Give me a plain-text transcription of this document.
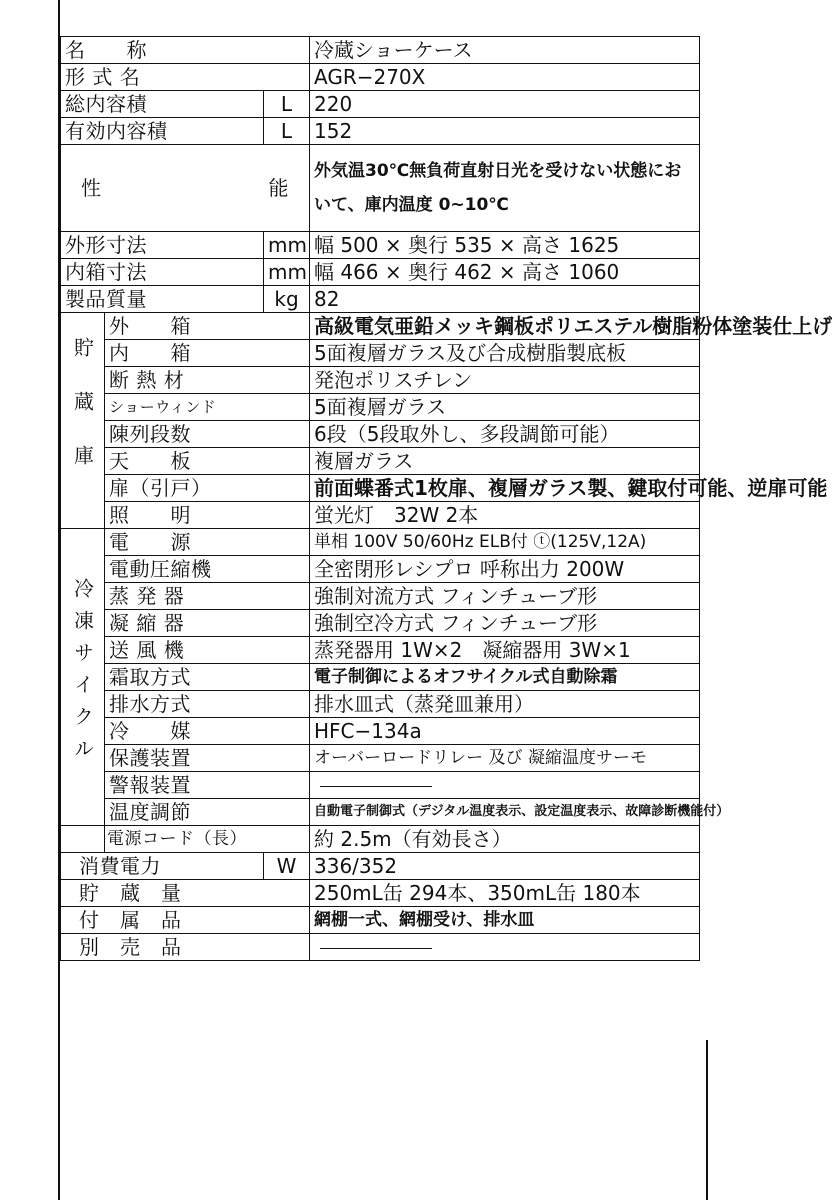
名　　称			冷蔵ショーケース
形 式 名			AGR−270X
総内容積		L	220
有効内容積		L	152

性 能			外気温30℃無負荷直射日光を受けない状態において、庫内温度 0~10℃
外形寸法		mm	幅 500 × 奥行 535 × 高さ 1625
内箱寸法		mm	幅 466 × 奥行 462 × 高さ 1060
製品質量		kg	82
貯蔵庫	外　　箱		高級電気亜鉛メッキ鋼板ポリエステル樹脂粉体塗装仕上げ
	内　　箱		5面複層ガラス及び合成樹脂製底板
	断 熱 材		発泡ポリスチレン
	ショーウィンド		5面複層ガラス
	陳列段数		6段（5段取外し、多段調節可能）
	天　　板		複層ガラス
	扉（引戸）		前面蝶番式1枚扉、複層ガラス製、鍵取付可能、逆扉可能
	照　　明		蛍光灯　32W 2本
冷凍サイクル	電　　源		単相 100V 50/60Hz ELB付 ⓣ(125V,12A)
	電動圧縮機		全密閉形レシプロ 呼称出力 200W
	蒸 発 器		強制対流方式 フィンチューブ形
	凝 縮 器		強制空冷方式 フィンチューブ形
	送 風 機		蒸発器用 1W×2　凝縮器用 3W×1
	霜取方式		電子制御によるオフサイクル式自動除霜
	排水方式		排水皿式（蒸発皿兼用）
	冷　　媒		HFC−134a
	保護装置		オーバーロードリレー 及び 凝縮温度サーモ
	警報装置		
	温度調節		自動電子制御式（デジタル温度表示、設定温度表示、故障診断機能付）
	電源コード（長）		約 2.5m（有効長さ）
消費電力		W	336/352
貯　蔵　量			250mL缶 294本、350mL缶 180本
付　属　品			網棚一式、網棚受け、排水皿
別　売　品			
